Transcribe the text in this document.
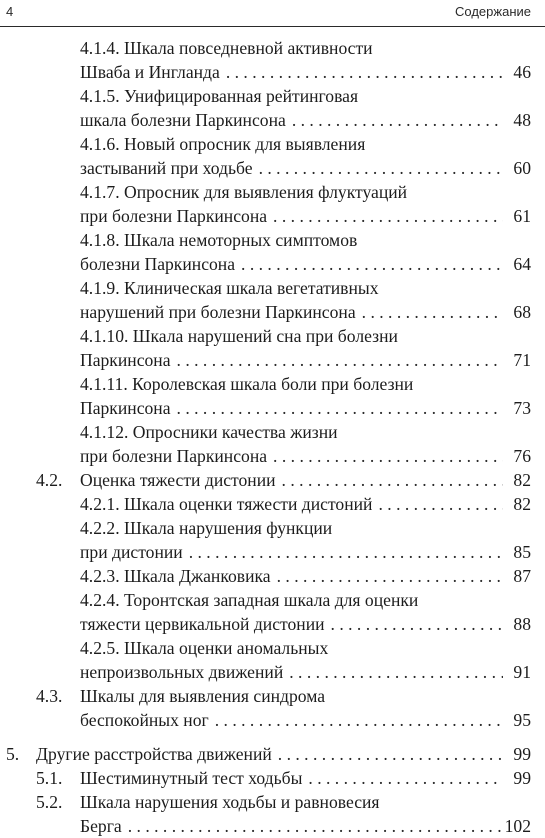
4	Содержание
4.1.4. Шкала повседневной активности
Шваба и Ингланда . . .	46
4.1.5. Унифицированная рейтинговая
шкала болезни Паркинсона . . .	48
4.1.6. Новый опросник для выявления
застываний при ходьбе . . .	60
4.1.7. Опросник для выявления флуктуаций
при болезни Паркинсона . . .	61
4.1.8. Шкала немоторных симптомов
болезни Паркинсона . . .	64
4.1.9. Клиническая шкала вегетативных
нарушений при болезни Паркинсона . . .	68
4.1.10. Шкала нарушений сна при болезни
Паркинсона . . .	71
4.1.11. Королевская шкала боли при болезни
Паркинсона . . .	73
4.1.12. Опросники качества жизни
при болезни Паркинсона . . .	76
4.2. Оценка тяжести дистонии . . .	82
4.2.1. Шкала оценки тяжести дистоний . . .	82
4.2.2. Шкала нарушения функции
при дистонии . . .	85
4.2.3. Шкала Джанковика . . .	87
4.2.4. Торонтская западная шкала для оценки
тяжести цервикальной дистонии . . .	88
4.2.5. Шкала оценки аномальных
непроизвольных движений . . .	91
4.3. Шкалы для выявления синдрома
беспокойных ног . . .	95
5. Другие расстройства движений . . .	99
5.1. Шестиминутный тест ходьбы . . .	99
5.2. Шкала нарушения ходьбы и равновесия
Берга . . .	102
